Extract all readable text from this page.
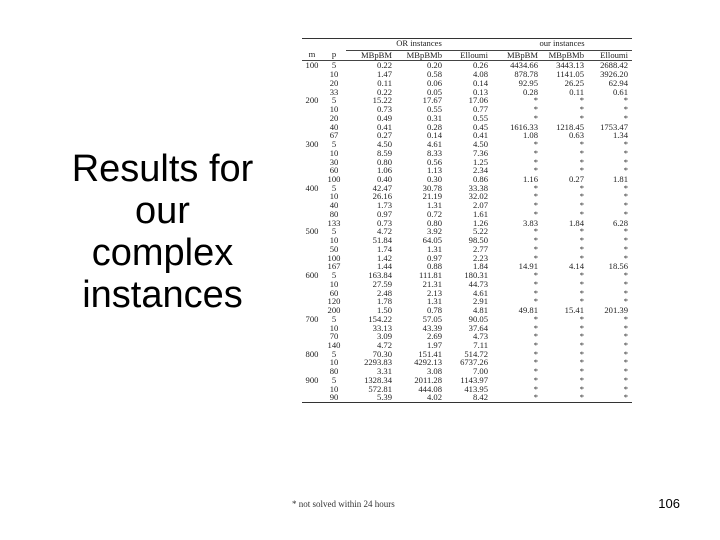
Results for
our
complex
instances

		OR instances			our instances		

m	p	MBpBM	MBpBMb	Elloumi	MBpBM	MBpBMb	Elloumi
100	5	0.22	0.20	0.26	4434.66	3443.13	2688.42
	10	1.47	0.58	4.08	878.78	1141.05	3926.20
	20	0.11	0.06	0.14	92.95	26.25	62.94
	33	0.22	0.05	0.13	0.28	0.11	0.61
200	5	15.22	17.67	17.06	*	*	*
	10	0.73	0.55	0.77	*	*	*
	20	0.49	0.31	0.55	*	*	*
	40	0.41	0.28	0.45	1616.33	1218.45	1753.47
	67	0.27	0.14	0.41	1.08	0.63	1.34
300	5	4.50	4.61	4.50	*	*	*
	10	8.59	8.33	7.36	*	*	*
	30	0.80	0.56	1.25	*	*	*
	60	1.06	1.13	2.34	*	*	*
	100	0.40	0.30	0.86	1.16	0.27	1.81
400	5	42.47	30.78	33.38	*	*	*
	10	26.16	21.19	32.02	*	*	*
	40	1.73	1.31	2.07	*	*	*
	80	0.97	0.72	1.61	*	*	*
	133	0.73	0.80	1.26	3.83	1.84	6.28
500	5	4.72	3.92	5.22	*	*	*
	10	51.84	64.05	98.50	*	*	*
	50	1.74	1.31	2.77	*	*	*
	100	1.42	0.97	2.23	*	*	*
	167	1.44	0.88	1.84	14.91	4.14	18.56
600	5	163.84	111.81	180.31	*	*	*
	10	27.59	21.31	44.73	*	*	*
	60	2.48	2.13	4.61	*	*	*
	120	1.78	1.31	2.91	*	*	*
	200	1.50	0.78	4.81	49.81	15.41	201.39
700	5	154.22	57.05	90.05	*	*	*
	10	33.13	43.39	37.64	*	*	*
	70	3.09	2.69	4.73	*	*	*
	140	4.72	1.97	7.11	*	*	*
800	5	70.30	151.41	514.72	*	*	*
	10	2293.83	4292.13	6737.26	*	*	*
	80	3.31	3.08	7.00	*	*	*
900	5	1328.34	2011.28	1143.97	*	*	*
	10	572.81	444.08	413.95	*	*	*
	90	5.39	4.02	8.42	*	*	*
* not solved within 24 hours	106
